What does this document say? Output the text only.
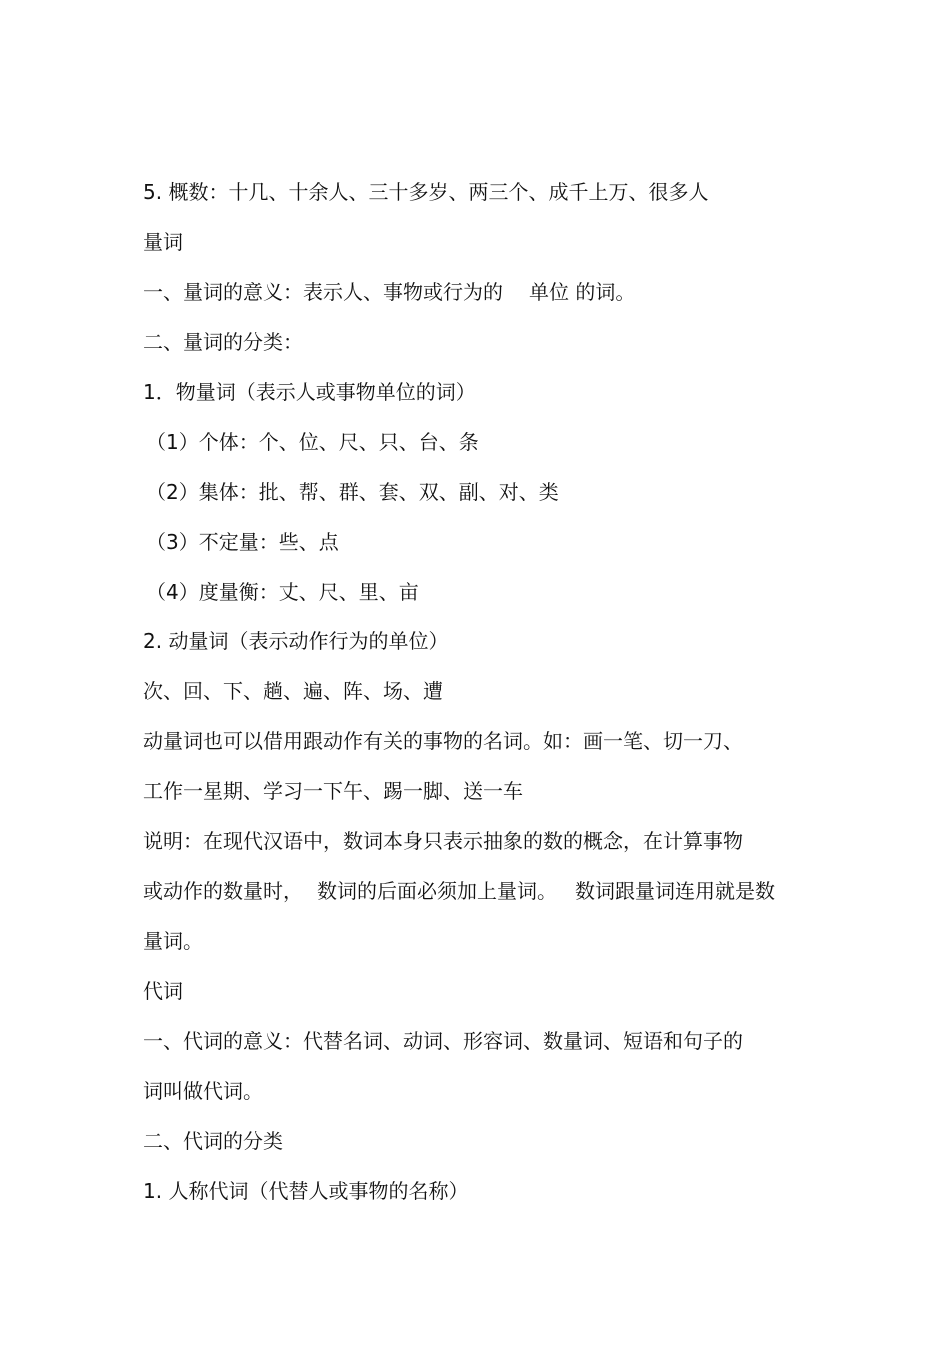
5. 概数：十几、十余人、三十多岁、两三个、成千上万、很多人
量词
一、量词的意义：表示人、事物或行为的 单位 的词。
二、量词的分类：
1．物量词（表示人或事物单位的词）
（1）个体：个、位、尺、只、台、条
（2）集体：批、帮、群、套、双、副、对、类
（3）不定量：些、点
（4）度量衡：丈、尺、里、亩
2. 动量词（表示动作行为的单位）
次、回、下、趟、遍、阵、场、遭
动量词也可以借用跟动作有关的事物的名词。如：画一笔、切一刀、
工作一星期、学习一下午、踢一脚、送一车
说明：在现代汉语中，数词本身只表示抽象的数的概念，在计算事物
或动作的数量时， 数词的后面必须加上量词。 数词跟量词连用就是数
量词。
代词
一、代词的意义：代替名词、动词、形容词、数量词、短语和句子的
词叫做代词。
二、代词的分类
1. 人称代词（代替人或事物的名称）
